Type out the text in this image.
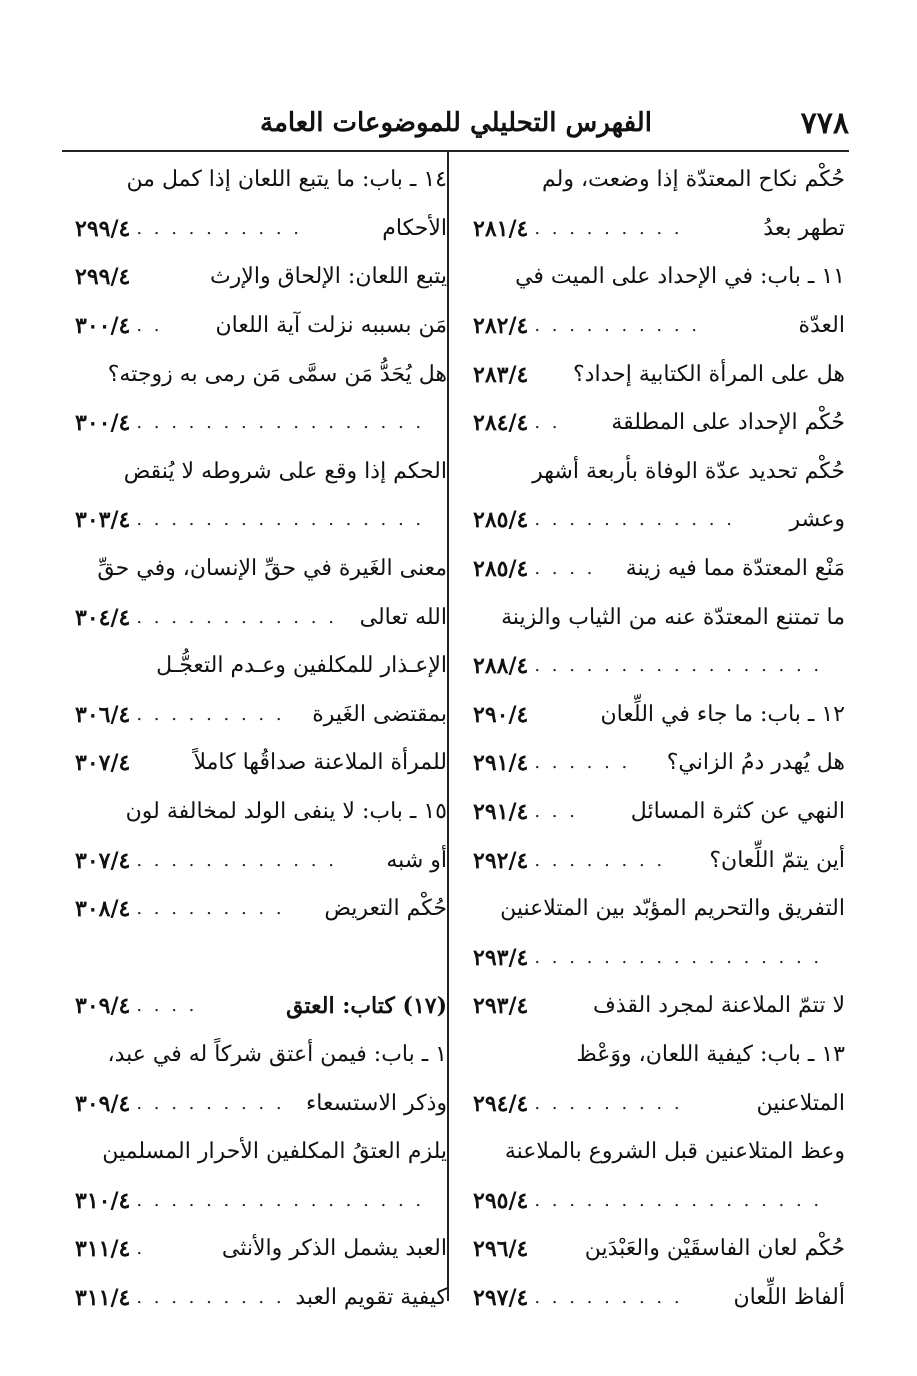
٧٧٨
الفهرس التحليلي للموضوعات العامة
حُكْم نكاح المعتدّة إذا وضعت، ولم
تطهر بعدُ
. . . . . . . . .
٢٨١/٤
١١ ـ باب: في الإحداد على الميت في
العدّة
. . . . . . . . . .
٢٨٢/٤
هل على المرأة الكتابية إحداد؟
٢٨٣/٤
حُكْم الإحداد على المطلقة
. .
٢٨٤/٤
حُكْم تحديد عدّة الوفاة بأربعة أشهر
وعشر
. . . . . . . . . . . .
٢٨٥/٤
مَنْع المعتدّة مما فيه زينة
. . . .
٢٨٥/٤
ما تمتنع المعتدّة عنه من الثياب والزينة
. . . . . . . . . . . . . . . . .
٢٨٨/٤
١٢ ـ باب: ما جاء في اللِّعان
٢٩٠/٤
هل يُهدر دمُ الزاني؟
. . . . . .
٢٩١/٤
النهي عن كثرة المسائل
. . .
٢٩١/٤
أين يتمّ اللِّعان؟
. . . . . . . .
٢٩٢/٤
التفريق والتحريم المؤبّد بين المتلاعنين
. . . . . . . . . . . . . . . . .
٢٩٣/٤
لا تتمّ الملاعنة لمجرد القذف
٢٩٣/٤
١٣ ـ باب: كيفية اللعان، ووَعْظ
المتلاعنين
. . . . . . . . .
٢٩٤/٤
وعظ المتلاعنين قبل الشروع بالملاعنة
. . . . . . . . . . . . . . . . .
٢٩٥/٤
حُكْم لعان الفاسقَيْن والعَبْدَين
٢٩٦/٤
ألفاظ اللِّعان
. . . . . . . . .
٢٩٧/٤
١٤ ـ باب: ما يتبع اللعان إذا كمل من
الأحكام
. . . . . . . . . .
٢٩٩/٤
يتبع اللعان: الإلحاق والإرث
٢٩٩/٤
مَن بسببه نزلت آية اللعان
. .
٣٠٠/٤
هل يُحَدُّ مَن سمَّى مَن رمى به زوجته؟
. . . . . . . . . . . . . . . . .
٣٠٠/٤
الحكم إذا وقع على شروطه لا يُنقض
. . . . . . . . . . . . . . . . .
٣٠٣/٤
معنى الغَيرة في حقِّ الإنسان، وفي حقِّ
الله تعالى
. . . . . . . . . . . .
٣٠٤/٤
الإعـذار للمكلفين وعـدم التعجُّـل
بمقتضى الغَيرة
. . . . . . . . .
٣٠٦/٤
للمرأة الملاعنة صداقُها كاملاً
٣٠٧/٤
١٥ ـ باب: لا ينفى الولد لمخالفة لون
أو شبه
. . . . . . . . . . . .
٣٠٧/٤
حُكْم التعريض
. . . . . . . . .
٣٠٨/٤
(١٧) كتاب: العتق
. . . .
٣٠٩/٤
١ ـ باب: فيمن أعتق شركاً له في عبد،
وذكر الاستسعاء
. . . . . . . . .
٣٠٩/٤
يلزم العتقُ المكلفين الأحرار المسلمين
. . . . . . . . . . . . . . . . .
٣١٠/٤
العبد يشمل الذكر والأنثى
.
٣١١/٤
كيفية تقويم العبد
. . . . . . . . .
٣١١/٤
